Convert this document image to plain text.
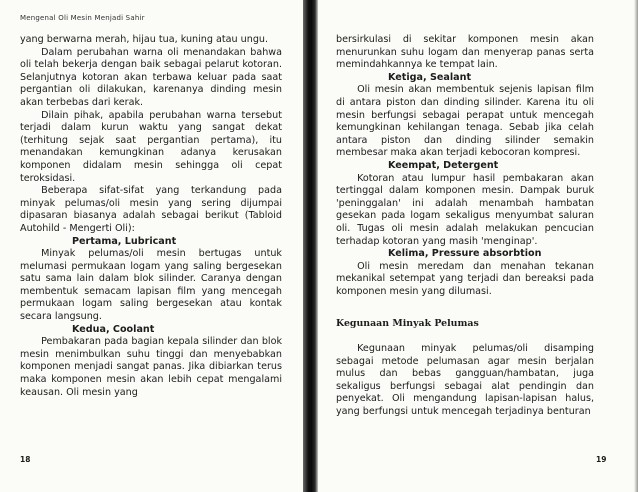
Mengenal Oli Mesin Menjadi Sahir

yang berwarna merah, hijau tua, kuning atau ungu.

Dalam perubahan warna oli menandakan bahwa oli telah bekerja dengan baik sebagai pelarut kotoran. Selanjutnya kotoran akan terbawa keluar pada saat pergantian oli dilakukan, karenanya dinding mesin akan terbebas dari kerak.

Dilain pihak, apabila perubahan warna tersebut terjadi dalam kurun waktu yang sangat dekat (terhitung sejak saat pergantian pertama), itu menandakan kemungkinan adanya kerusakan komponen didalam mesin sehingga oli cepat teroksidasi.

Beberapa sifat-sifat yang terkandung pada minyak pelumas/oli mesin yang sering dijumpai dipasaran biasanya adalah sebagai berikut (Tabloid Autohild - Mengerti Oli):

Pertama, Lubricant

Minyak pelumas/oli mesin bertugas untuk melumasi permukaan logam yang saling bergesekan satu sama lain dalam blok silinder. Caranya dengan membentuk semacam lapisan film yang mencegah permukaan logam saling bergesekan atau kontak secara langsung.

Kedua, Coolant

Pembakaran pada bagian kepala silinder dan blok mesin menimbulkan suhu tinggi dan menyebabkan komponen menjadi sangat panas. Jika dibiarkan terus maka komponen mesin akan lebih cepat mengalami keausan. Oli mesin yang

18

bersirkulasi di sekitar komponen mesin akan menurunkan suhu logam dan menyerap panas serta memindahkannya ke tempat lain.

Ketiga, Sealant

Oli mesin akan membentuk sejenis lapisan film di antara piston dan dinding silinder. Karena itu oli mesin berfungsi sebagai perapat untuk mencegah kemungkinan kehilangan tenaga. Sebab jika celah antara piston dan dinding silinder semakin membesar maka akan terjadi kebocoran kompresi.

Keempat, Detergent

Kotoran atau lumpur hasil pembakaran akan tertinggal dalam komponen mesin. Dampak buruk 'peninggalan' ini adalah menambah hambatan gesekan pada logam sekaligus menyumbat saluran oli. Tugas oli mesin adalah melakukan pencucian terhadap kotoran yang masih 'menginap'.

Kelima, Pressure absorbtion

Oli mesin meredam dan menahan tekanan mekanikal setempat yang terjadi dan bereaksi pada komponen mesin yang dilumasi.

Kegunaan Minyak Pelumas

Kegunaan minyak pelumas/oli disamping sebagai metode pelumasan agar mesin berjalan mulus dan bebas gangguan/hambatan, juga sekaligus berfungsi sebagai alat pendingin dan penyekat. Oli mengandung lapisan-lapisan halus, yang berfungsi untuk mencegah terjadinya benturan

19
